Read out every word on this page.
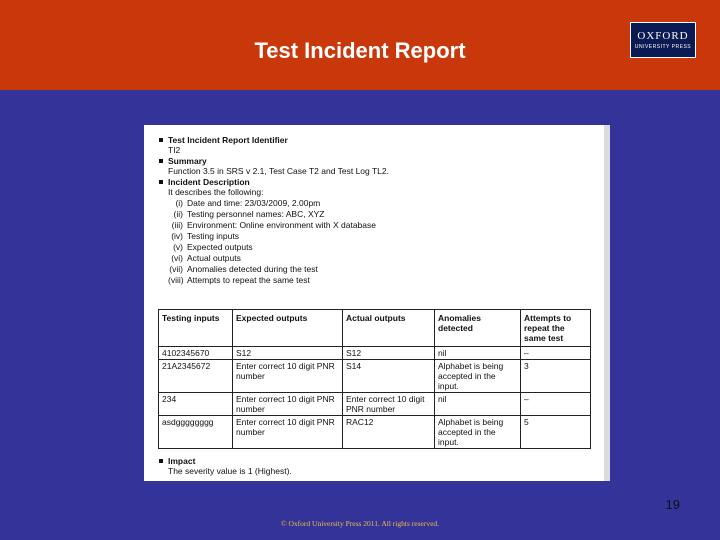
Test Incident Report
OXFORD
UNIVERSITY PRESS
Test Incident Report Identifier
TI2
Summary
Function 3.5 in SRS v 2.1, Test Case T2 and Test Log TL2.
Incident Description
It describes the following:
(i) Date and time: 23/03/2009, 2.00pm
(ii) Testing personnel names: ABC, XYZ
(iii) Environment: Online environment with X database
(iv) Testing inputs
(v) Expected outputs
(vi) Actual outputs
(vii) Anomalies detected during the test
(viii) Attempts to repeat the same test
Testing inputs	Expected outputs	Actual outputs	Anomalies detected	Attempts to repeat the same test
4102345670	S12	S12	nil	–
21A2345672	Enter correct 10 digit PNR number	S14	Alphabet is being accepted in the input.	3
234	Enter correct 10 digit PNR number	Enter correct 10 digit PNR number	nil	–
asdgggggggg	Enter correct 10 digit PNR number	RAC12	Alphabet is being accepted in the input.	5
Impact
The severity value is 1 (Highest).
19
© Oxford University Press 2011. All rights reserved.
